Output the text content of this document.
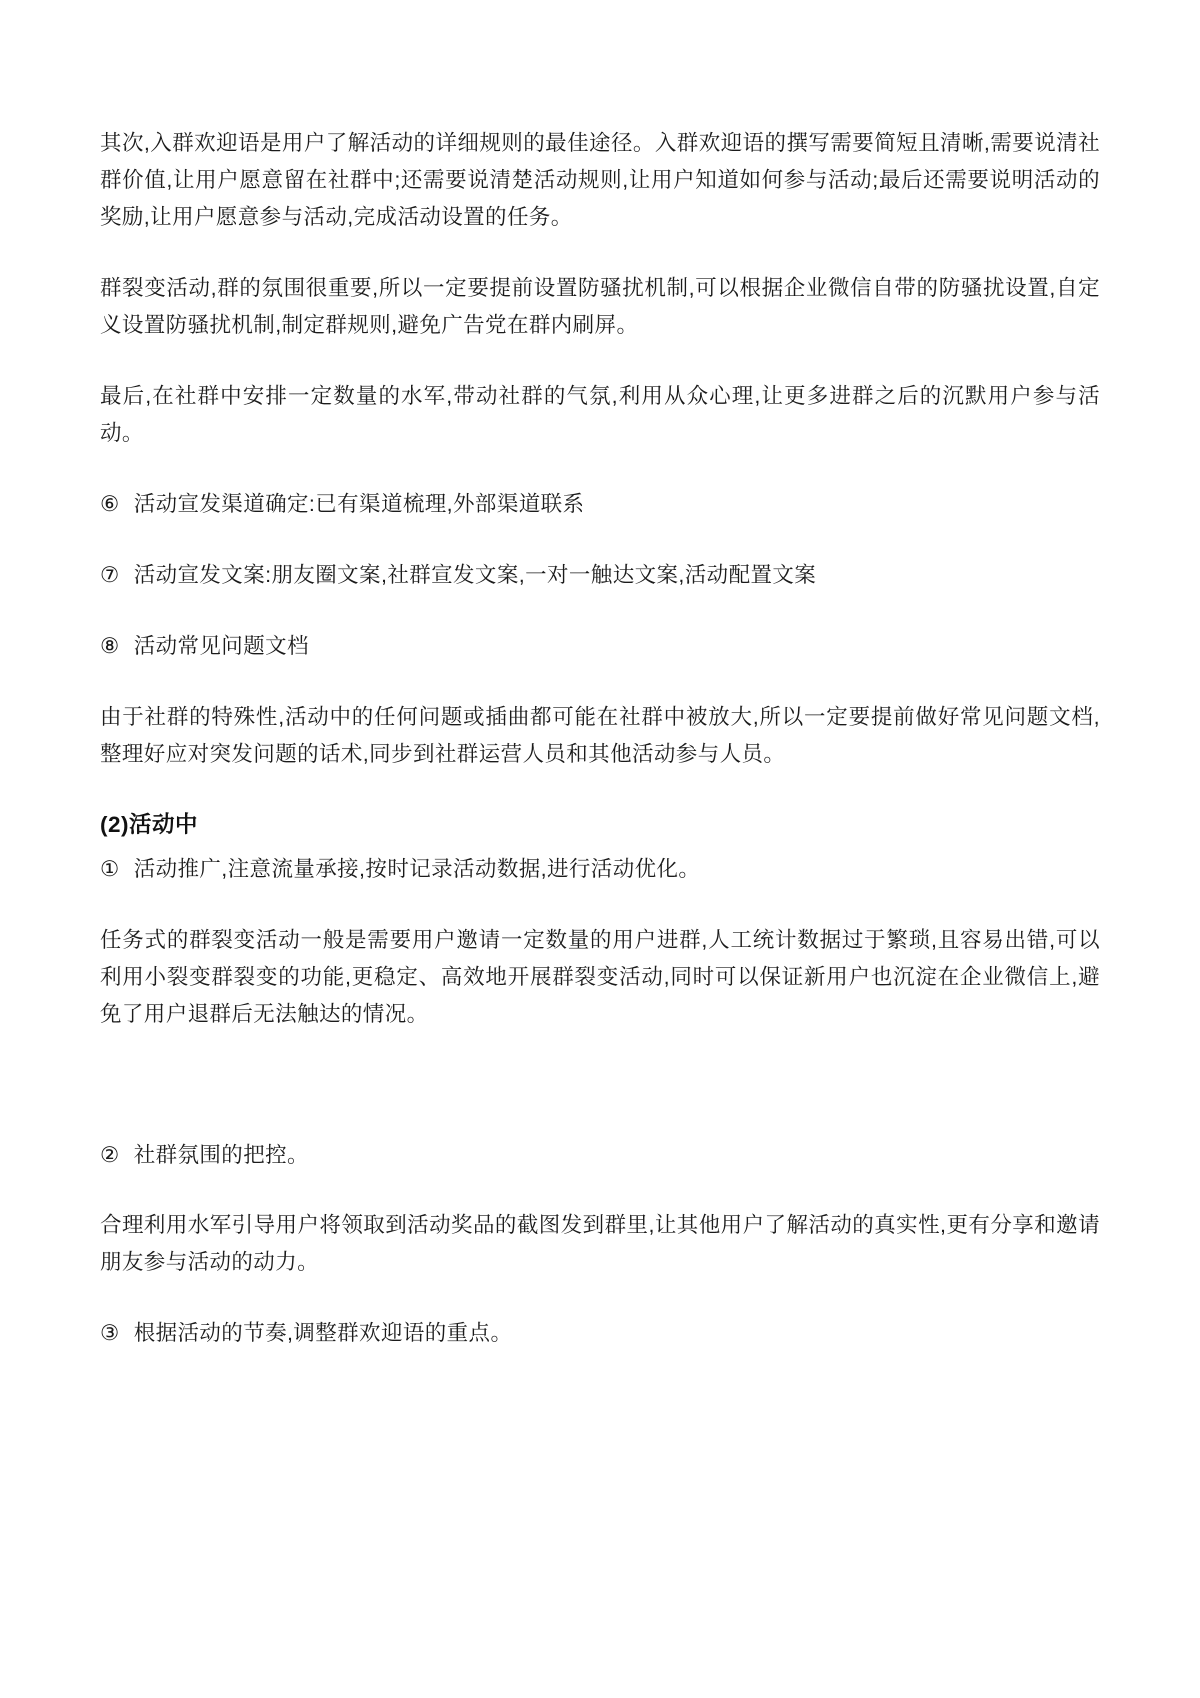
其次,入群欢迎语是用户了解活动的详细规则的最佳途径。入群欢迎语的撰写需要简短且清晰,需要说清社群价值,让用户愿意留在社群中;还需要说清楚活动规则,让用户知道如何参与活动;最后还需要说明活动的奖励,让用户愿意参与活动,完成活动设置的任务。

群裂变活动,群的氛围很重要,所以一定要提前设置防骚扰机制,可以根据企业微信自带的防骚扰设置,自定义设置防骚扰机制,制定群规则,避免广告党在群内刷屏。

最后,在社群中安排一定数量的水军,带动社群的气氛,利用从众心理,让更多进群之后的沉默用户参与活动。

⑥ 活动宣发渠道确定:已有渠道梳理,外部渠道联系
⑦ 活动宣发文案:朋友圈文案,社群宣发文案,一对一触达文案,活动配置文案
⑧ 活动常见问题文档

由于社群的特殊性,活动中的任何问题或插曲都可能在社群中被放大,所以一定要提前做好常见问题文档,整理好应对突发问题的话术,同步到社群运营人员和其他活动参与人员。

(2)活动中
① 活动推广,注意流量承接,按时记录活动数据,进行活动优化。

任务式的群裂变活动一般是需要用户邀请一定数量的用户进群,人工统计数据过于繁琐,且容易出错,可以利用小裂变群裂变的功能,更稳定、高效地开展群裂变活动,同时可以保证新用户也沉淀在企业微信上,避免了用户退群后无法触达的情况。

② 社群氛围的把控。

合理利用水军引导用户将领取到活动奖品的截图发到群里,让其他用户了解活动的真实性,更有分享和邀请朋友参与活动的动力。

③ 根据活动的节奏,调整群欢迎语的重点。
